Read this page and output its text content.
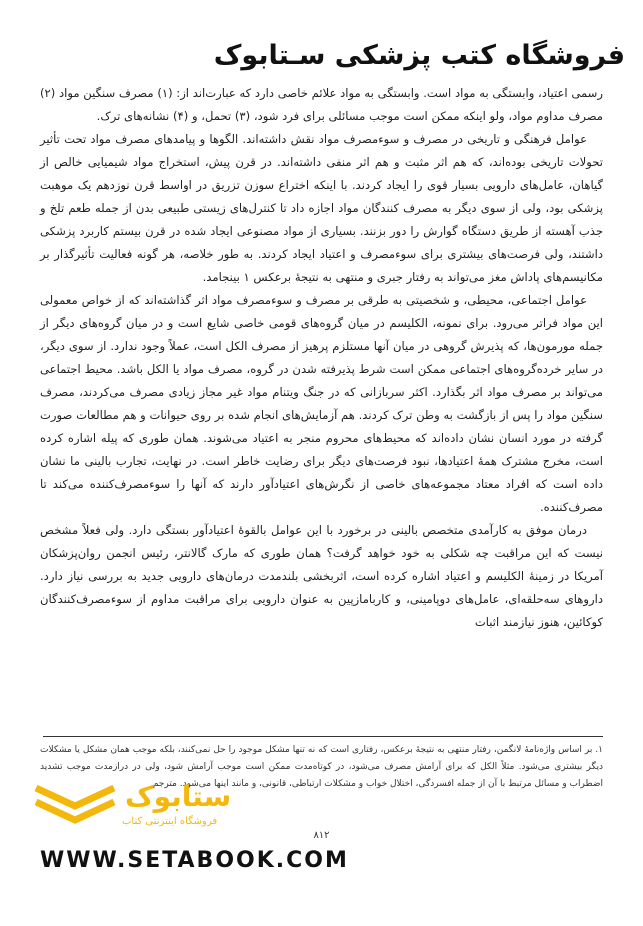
فروشگاه کتب پزشکی سـتابوک

رسمی اعتیاد، وابستگی به مواد است. وابستگی به مواد علائم خاصی دارد که عبارت‌اند از: (۱) مصرف سنگین مواد (۲) مصرف مداوم مواد، ولو اینکه ممکن است موجب مسائلی برای فرد شود، (۳) تحمل، و (۴) نشانه‌های ترک.

عوامل فرهنگی و تاریخی در مصرف و سوء‌مصرف مواد نقش داشته‌اند. الگوها و پیامدهای مصرف مواد تحت تأثیر تحولات تاریخی بوده‌اند، که هم اثر مثبت و هم اثر منفی داشته‌اند. در قرن پیش، استخراج مواد شیمیایی خالص از گیاهان، عامل‌های دارویی بسیار قوی را ایجاد کردند. با اینکه اختراع سوزن تزریق در اواسط قرن نوزدهم یک موهبت پزشکی بود، ولی از سوی دیگر به مصرف کنندگان مواد اجازه داد تا کنترل‌های زیستی طبیعی بدن از جمله طعم تلخ و جذب آهسته از طریق دستگاه گوارش را دور بزنند. بسیاری از مواد مصنوعی ایجاد شده در قرن بیستم کاربرد پزشکی داشتند، ولی فرصت‌های بیشتری برای سوء‌مصرف و اعتیاد ایجاد کردند. به طور خلاصه، هر گونه فعالیت تأثیرگذار بر مکانیسم‌های پاداش مغز می‌تواند به رفتار جبری و منتهی به نتیجهٔ برعکس ۱ بینجامد.

عوامل اجتماعی، محیطی، و شخصیتی به طرقی بر مصرف و سوء‌مصرف مواد اثر گذاشته‌اند که از خواص معمولی این مواد فراتر می‌رود. برای نمونه، الکلیسم در میان گروه‌های قومی خاصی شایع است و در میان گروه‌های دیگر از جمله مورمون‌ها، که پذیرش گروهی در میان آنها مستلزم پرهیز از مصرف الکل است، عملاً وجود ندارد. از سوی دیگر، در سایر خرده‌گروه‌های اجتماعی ممکن است شرط پذیرفته شدن در گروه، مصرف مواد یا الکل باشد. محیط اجتماعی می‌تواند بر مصرف مواد اثر بگذارد. اکثر سربازانی که در جنگ ویتنام مواد غیر مجاز زیادی مصرف می‌کردند، مصرف سنگین مواد را پس از بازگشت به وطن ترک کردند. هم آزمایش‌های انجام شده بر روی حیوانات و هم مطالعات صورت گرفته در مورد انسان نشان داده‌اند که محیط‌های محروم منجر به اعتیاد می‌شوند. همان طوری که پیله اشاره کرده است، مخرج مشترک همهٔ اعتیادها، نبود فرصت‌های دیگر برای رضایت خاطر است. در نهایت، تجارب بالینی ما نشان داده است که افراد معتاد مجموعه‌های خاصی از نگرش‌های اعتیادآور دارند که آنها را سوء‌مصرف‌کننده می‌کند تا مصرف‌کننده.

درمان موفق به کارآمدی متخصص بالینی در برخورد با این عوامل بالقوهٔ اعتیادآور بستگی دارد. ولی فعلاً مشخص نیست که این مراقبت چه شکلی به خود خواهد گرفت؟ همان طوری که مارک گالانتر، رئیس انجمن روان‌پزشکان آمریکا در زمینهٔ الکلیسم و اعتیاد اشاره کرده است، اثربخشی بلندمدت درمان‌های دارویی جدید به بررسی نیاز دارد. داروهای سه‌حلقه‌ای، عامل‌های دوپامینی، و کاربامازپین به عنوان دارویی برای مراقبت مداوم از سوء‌مصرف‌کنندگان کوکائین، هنوز نیازمند اثبات

۱. بر اساس واژه‌نامهٔ لانگمن، رفتار منتهی به نتیجهٔ برعکس، رفتاری است که نه تنها مشکل موجود را حل نمی‌کنند، بلکه موجب همان مشکل یا مشکلات دیگر بیشتری می‌شود. مثلاً الکل که برای آرامش مصرف می‌شود، در کوتاه‌مدت ممکن است موجب آرامش شود، ولی در درازمدت موجب تشدید اضطراب و مسائل مرتبط با آن از جمله افسردگی، اختلال خواب و مشکلات ارتباطی، قانونی، و مانند اینها می‌شود. مترجم
ستابوک
فروشگاه اینترنتی کتاب
۸۱۲
WWW.SETABOOK.COM
